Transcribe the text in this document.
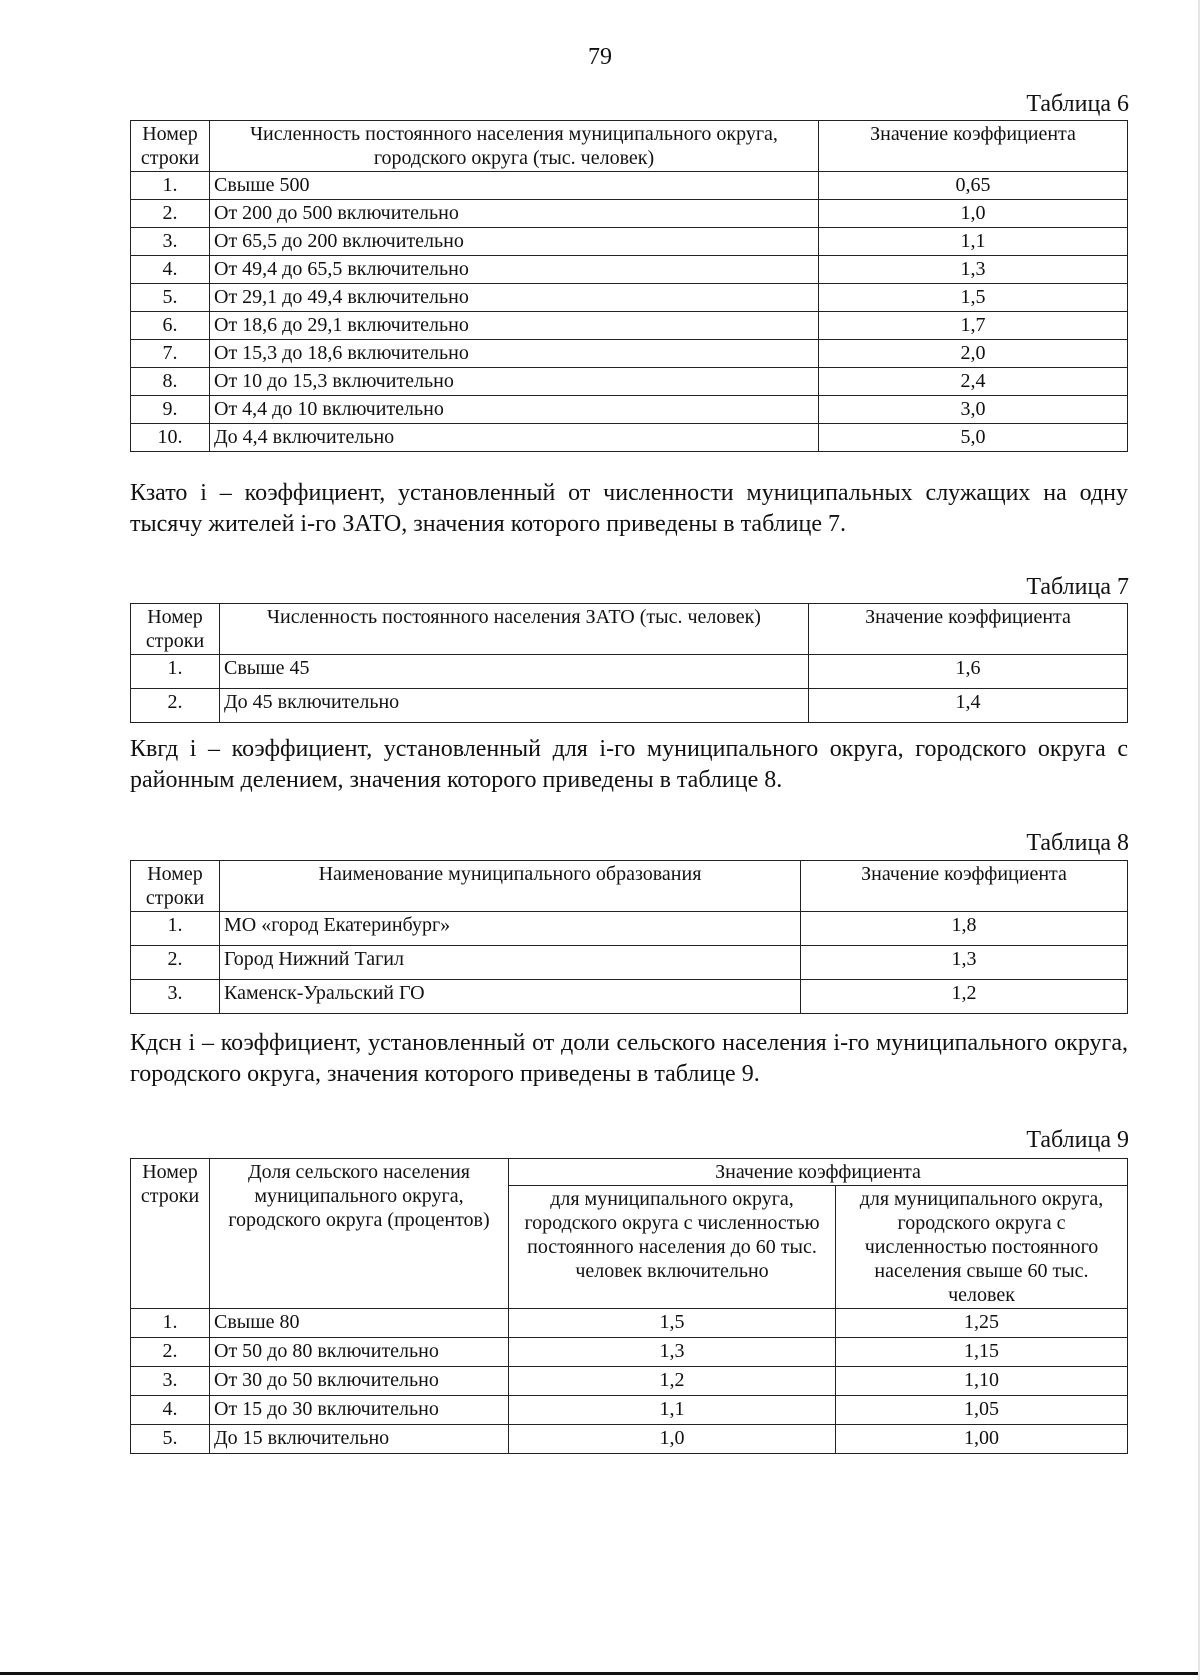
79
Таблица 6
Номер строки	Численность постоянного населения муниципального округа, городского округа (тыс. человек)	Значение коэффициента
1.	Свыше 500	0,65
2.	От 200 до 500 включительно	1,0
3.	От 65,5 до 200 включительно	1,1
4.	От 49,4 до 65,5 включительно	1,3
5.	От 29,1 до 49,4 включительно	1,5
6.	От 18,6 до 29,1 включительно	1,7
7.	От 15,3 до 18,6 включительно	2,0
8.	От 10 до 15,3 включительно	2,4
9.	От 4,4 до 10 включительно	3,0
10.	До 4,4 включительно	5,0

Кзато i – коэффициент, установленный от численности муниципальных служащих на одну тысячу жителей i-го ЗАТО, значения которого приведены в таблице 7.

Таблица 7
Номер строки	Численность постоянного населения ЗАТО (тыс. человек)	Значение коэффициента
1.	Свыше 45	1,6
2.	До 45 включительно	1,4

Квгд i – коэффициент, установленный для i-го муниципального округа, городского округа с районным делением, значения которого приведены в таблице 8.

Таблица 8
Номер строки	Наименование муниципального образования	Значение коэффициента
1.	МО «город Екатеринбург»	1,8
2.	Город Нижний Тагил	1,3
3.	Каменск-Уральский ГО	1,2

Кдсн i – коэффициент, установленный от доли сельского населения i-го муниципального округа, городского округа, значения которого приведены в таблице 9.

Таблица 9
Номер строки	Доля сельского населения муниципального округа, городского округа (процентов)	Значение коэффициента	
		для муниципального округа, городского округа с численностью постоянного населения до 60 тыс. человек включительно	для муниципального округа, городского округа с численностью постоянного населения свыше 60 тыс. человек
1.	Свыше 80	1,5	1,25
2.	От 50 до 80 включительно	1,3	1,15
3.	От 30 до 50 включительно	1,2	1,10
4.	От 15 до 30 включительно	1,1	1,05
5.	До 15 включительно	1,0	1,00
